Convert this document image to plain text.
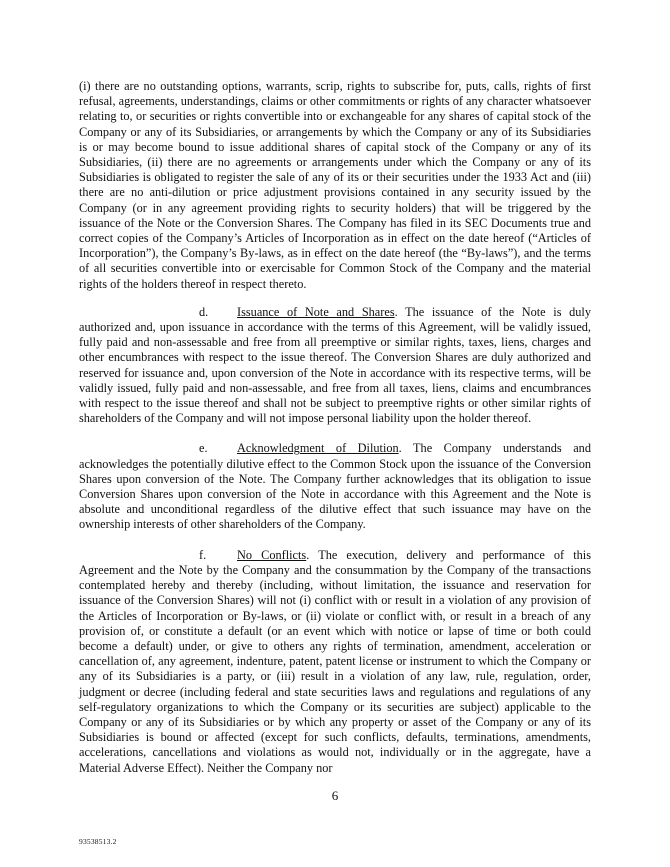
(i) there are no outstanding options, warrants, scrip, rights to subscribe for, puts, calls, rights of first refusal, agreements, understandings, claims or other commitments or rights of any character whatsoever relating to, or securities or rights convertible into or exchangeable for any shares of capital stock of the Company or any of its Subsidiaries, or arrangements by which the Company or any of its Subsidiaries is or may become bound to issue additional shares of capital stock of the Company or any of its Subsidiaries, (ii) there are no agreements or arrangements under which the Company or any of its Subsidiaries is obligated to register the sale of any of its or their securities under the 1933 Act and (iii) there are no anti-dilution or price adjustment provisions contained in any security issued by the Company (or in any agreement providing rights to security holders) that will be triggered by the issuance of the Note or the Conversion Shares. The Company has filed in its SEC Documents true and correct copies of the Company’s Articles of Incorporation as in effect on the date hereof (“Articles of Incorporation”), the Company’s By-laws, as in effect on the date hereof (the “By-laws”), and the terms of all securities convertible into or exercisable for Common Stock of the Company and the material rights of the holders thereof in respect thereto.

d. Issuance of Note and Shares. The issuance of the Note is duly authorized and, upon issuance in accordance with the terms of this Agreement, will be validly issued, fully paid and non-assessable and free from all preemptive or similar rights, taxes, liens, charges and other encumbrances with respect to the issue thereof. The Conversion Shares are duly authorized and reserved for issuance and, upon conversion of the Note in accordance with its respective terms, will be validly issued, fully paid and non-assessable, and free from all taxes, liens, claims and encumbrances with respect to the issue thereof and shall not be subject to preemptive rights or other similar rights of shareholders of the Company and will not impose personal liability upon the holder thereof.

e. Acknowledgment of Dilution. The Company understands and acknowledges the potentially dilutive effect to the Common Stock upon the issuance of the Conversion Shares upon conversion of the Note. The Company further acknowledges that its obligation to issue Conversion Shares upon conversion of the Note in accordance with this Agreement and the Note is absolute and unconditional regardless of the dilutive effect that such issuance may have on the ownership interests of other shareholders of the Company.

f.	No Conflicts. The execution, delivery and performance of this Agreement and the Note by the Company and the consummation by the Company of the transactions contemplated hereby and thereby (including, without limitation, the issuance and reservation for issuance of the Conversion Shares) will not (i) conflict with or result in a violation of any provision of the Articles of Incorporation or By-laws, or (ii) violate or conflict with, or result in a breach of any provision of, or constitute a default (or an event which with notice or lapse of time or both could become a default) under, or give to others any rights of termination, amendment, acceleration or cancellation of, any agreement, indenture, patent, patent license or instrument to which the Company or any of its Subsidiaries is a party, or (iii) result in a violation of any law, rule, regulation, order, judgment or decree (including federal and state securities laws and regulations and regulations of any self-regulatory organizations to which the Company or its securities are subject) applicable to the Company or any of its Subsidiaries or by which any property or asset of the Company or any of its Subsidiaries is bound or affected (except for such conflicts, defaults, terminations, amendments, accelerations, cancellations and violations as would not, individually or in the aggregate, have a Material Adverse Effect). Neither the Company nor

6
93538513.2
